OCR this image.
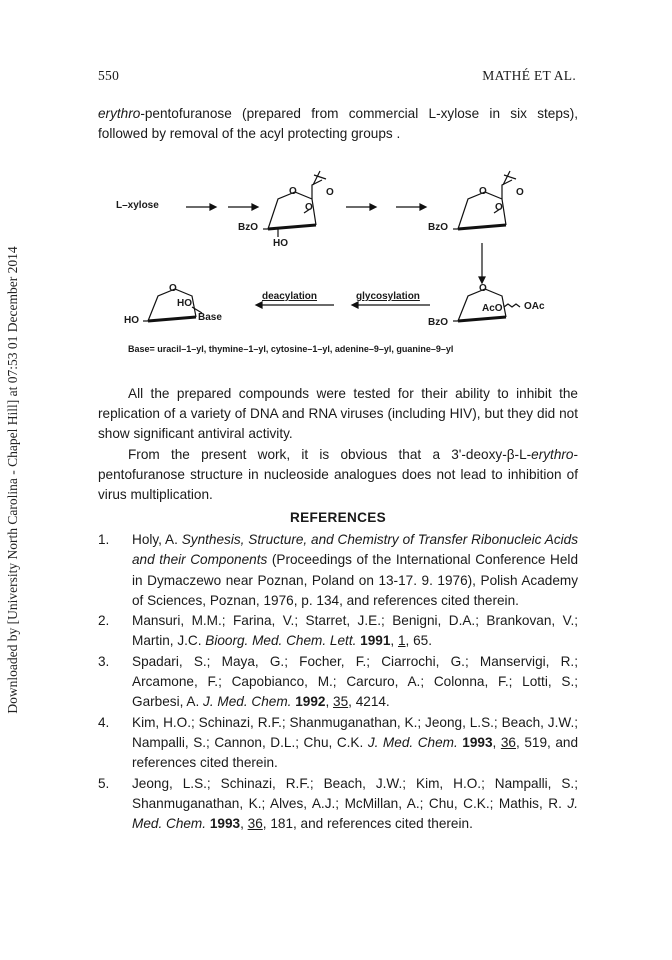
Downloaded by [University North Carolina - Chapel Hill] at 07:53 01 December 2014
550	MATHÉ ET AL.

erythro-pentofuranose (prepared from commercial L-xylose in six steps), followed by removal of the acyl protecting groups .

L–xylose
BzO
HO
O	O
O
BzO
O	O
O
O
AcO OAc
BzO
glycosylation
deacylation
O
HO
Base
HO
Base= uracil–1–yl, thymine–1–yl, cytosine–1–yl, adenine–9–yl, guanine–9–yl

All the prepared compounds were tested for their ability to inhibit the replication of a variety of DNA and RNA viruses (including HIV), but they did not show significant antiviral activity.

From the present work, it is obvious that a 3'-deoxy-β-L-erythro-pentofuranose structure in nucleoside analogues does not lead to inhibition of virus multiplication.

REFERENCES
1. Holy, A. Synthesis, Structure, and Chemistry of Transfer Ribonucleic Acids and their Components (Proceedings of the International Conference Held in Dymaczewo near Poznan, Poland on 13-17. 9. 1976), Polish Academy of Sciences, Poznan, 1976, p. 134, and references cited therein.
2. Mansuri, M.M.; Farina, V.; Starret, J.E.; Benigni, D.A.; Brankovan, V.; Martin, J.C. Bioorg. Med. Chem. Lett. 1991, 1, 65.
3. Spadari, S.; Maya, G.; Focher, F.; Ciarrochi, G.; Manservigi, R.; Arcamone, F.; Capobianco, M.; Carcuro, A.; Colonna, F.; Lotti, S.; Garbesi, A. J. Med. Chem. 1992, 35, 4214.
4. Kim, H.O.; Schinazi, R.F.; Shanmuganathan, K.; Jeong, L.S.; Beach, J.W.; Nampalli, S.; Cannon, D.L.; Chu, C.K. J. Med. Chem. 1993, 36, 519, and references cited therein.
5. Jeong, L.S.; Schinazi, R.F.; Beach, J.W.; Kim, H.O.; Nampalli, S.; Shanmuganathan, K.; Alves, A.J.; McMillan, A.; Chu, C.K.; Mathis, R. J. Med. Chem. 1993, 36, 181, and references cited therein.
